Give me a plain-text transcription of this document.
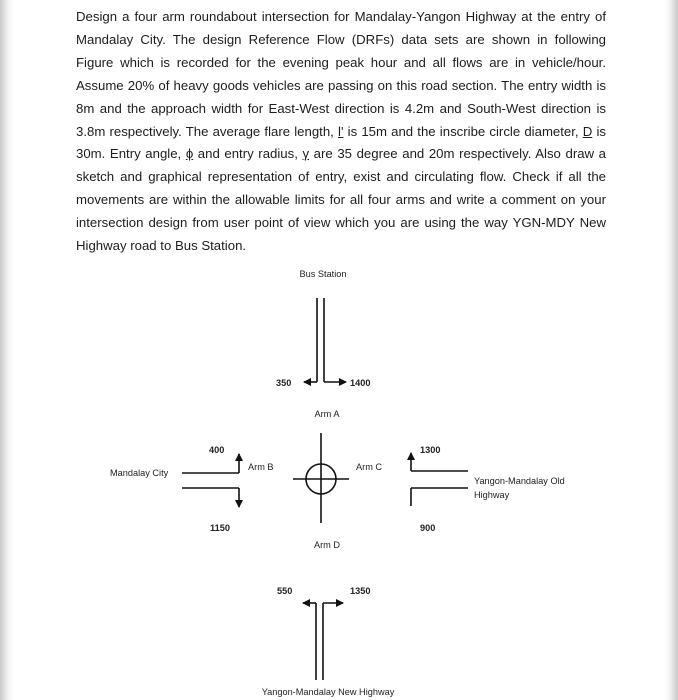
Design a four arm roundabout intersection for Mandalay-Yangon Highway at the entry of
Mandalay City. The design Reference Flow (DRFs) data sets are shown in following
Figure which is recorded for the evening peak hour and all flows are in vehicle/hour.
Assume 20% of heavy goods vehicles are passing on this road section. The entry width is
8m and the approach width for East-West direction is 4.2m and South-West direction is
3.8m respectively. The average flare length, l' is 15m and the inscribe circle diameter, D is
30m. Entry angle, ϕ and entry radius, γ are 35 degree and 20m respectively. Also draw a
sketch and graphical representation of entry, exist and circulating flow. Check if all the
movements are within the allowable limits for all four arms and write a comment on your
intersection design from user point of view which you are using the way YGN-MDY New
Highway road to Bus Station.
Bus Station
Arm A
Arm B	Arm C
Arm D
Mandalay City
Yangon-Mandalay Old
Highway
Yangon-Mandalay New Highway
350	1400
400
1150
1300
900
550	1350
